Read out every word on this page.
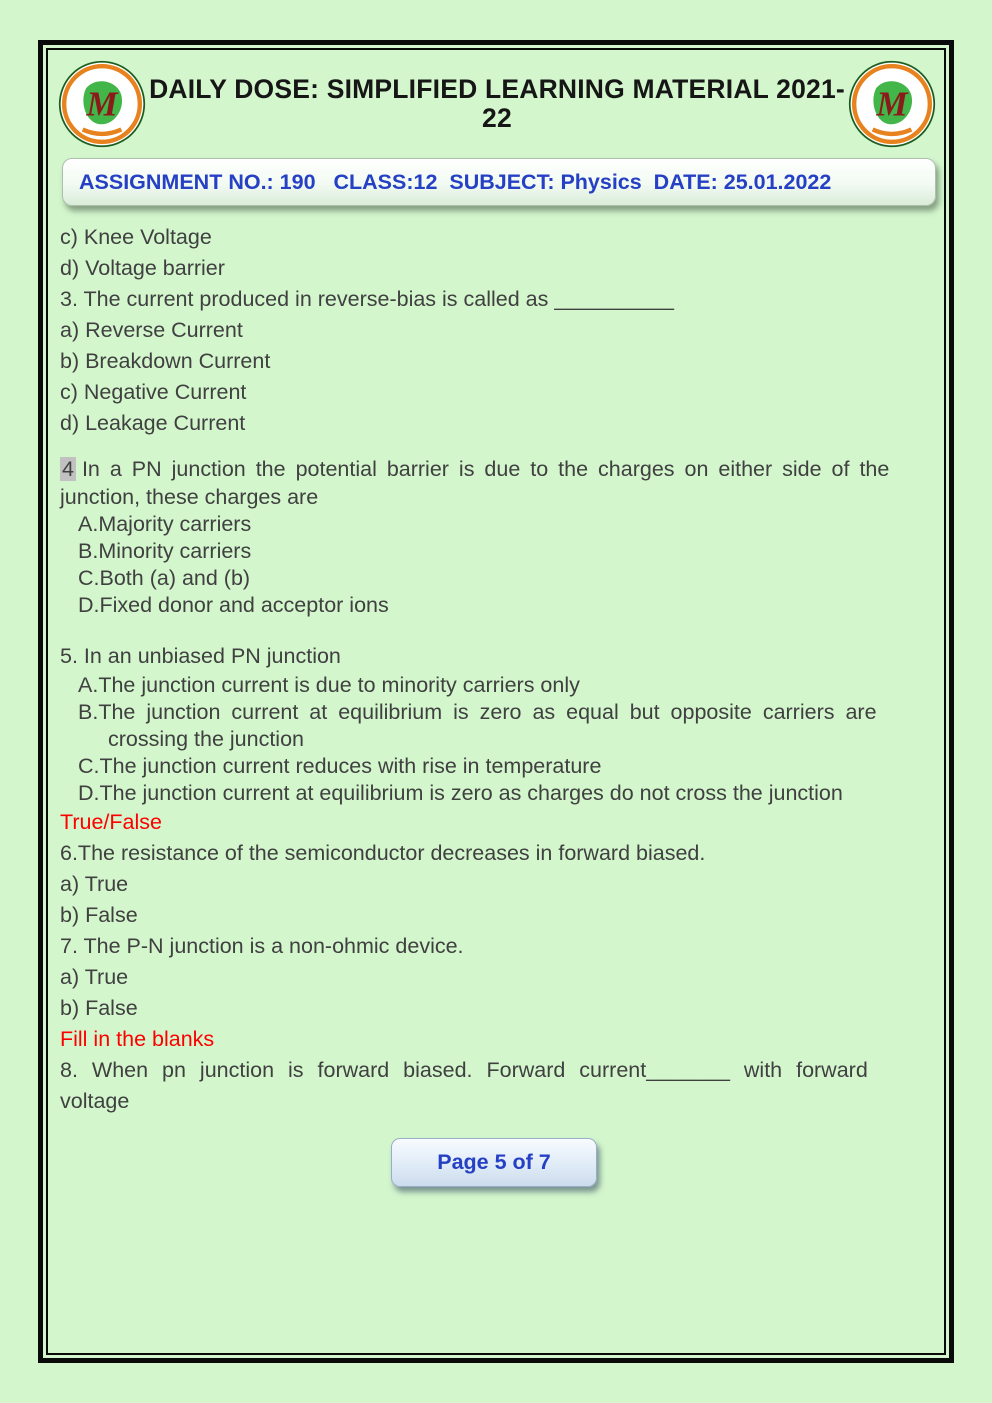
M DAILY DOSE: SIMPLIFIED LEARNING MATERIAL 2021-22	M
ASSIGNMENT NO.: 190   CLASS:12  SUBJECT: Physics  DATE: 25.01.2022

c) Knee Voltage

d) Voltage barrier

3. The current produced in reverse-bias is called as __________

a) Reverse Current

b) Breakdown Current

c) Negative Current

d) Leakage Current

4 In a PN junction the potential barrier is due to the charges on either side of the
junction, these charges are

A.Majority carriers

B.Minority carriers

C.Both (a) and (b)

D.Fixed donor and acceptor ions

5. In an unbiased PN junction

A.The junction current is due to minority carriers only

B.The junction current at equilibrium is zero as equal but opposite carriers are
crossing the junction

C.The junction current reduces with rise in temperature

D.The junction current at equilibrium is zero as charges do not cross the junction

True/False

6.The resistance of the semiconductor decreases in forward biased.

a) True

b) False

7. The P-N junction is a non-ohmic device.

a) True

b) False

Fill in the blanks

8. When pn junction is forward biased. Forward current_______ with forward
voltage

Page 5 of 7
